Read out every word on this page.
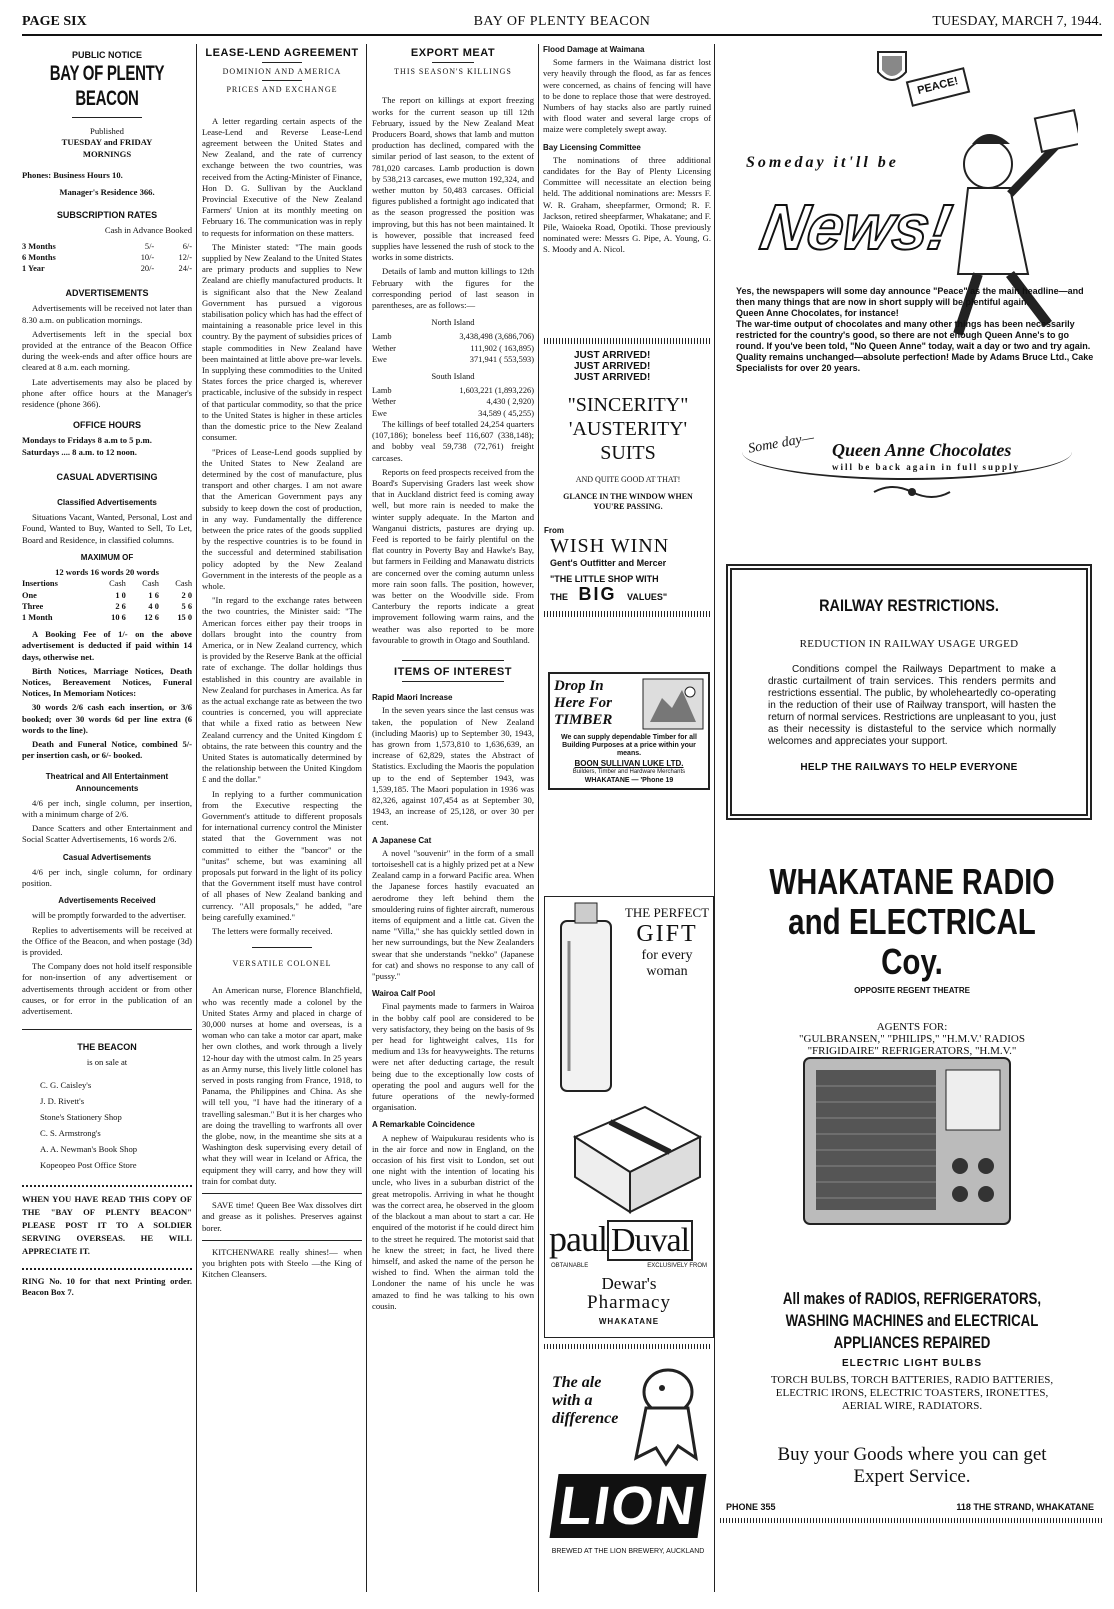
PAGE SIX	BAY OF PLENTY BEACON	TUESDAY, MARCH 7, 1944.
PUBLIC NOTICE
BAY OF PLENTY BEACON
Published
TUESDAY and FRIDAY
MORNINGS
Phones: Business Hours 10.
Manager's Residence 366.
SUBSCRIPTION RATES
Cash in Advance Booked
3 Months	5/-	6/-
6 Months	10/-	12/-
1 Year	20/-	24/-
ADVERTISEMENTS

Advertisements will be received not later than 8.30 a.m. on publication mornings.

Advertisements left in the special box provided at the entrance of the Beacon Office during the week-ends and after office hours are cleared at 8 a.m. each morning.

Late advertisements may also be placed by phone after office hours at the Manager's residence (phone 366).

OFFICE HOURS
Mondays to Fridays 8 a.m to 5 p.m.
Saturdays .... 8 a.m. to 12 noon.
CASUAL ADVERTISING
Classified Advertisements

Situations Vacant, Wanted, Personal, Lost and Found, Wanted to Buy, Wanted to Sell, To Let, Board and Residence, in classified columns.

MAXIMUM OF
12 words 16 words 20 words
Insertions	Cash	Cash	Cash
One	1 0	1 6	2 0
Three	2 6	4 0	5 6
1 Month	10 6	12 6	15 0

A Booking Fee of 1/- on the above advertisement is deducted if paid within 14 days, otherwise net.

Birth Notices, Marriage Notices, Death Notices, Bereavement Notices, Funeral Notices, In Memoriam Notices:

30 words 2/6 cash each insertion, or 3/6 booked; over 30 words 6d per line extra (6 words to the line).

Death and Funeral Notice, combined 5/- per insertion cash, or 6/- booked.

Theatrical and All Entertainment Announcements

4/6 per inch, single column, per insertion, with a minimum charge of 2/6.

Dance Scatters and other Entertainment and Social Scatter Advertisements, 16 words 2/6.

Casual Advertisements

4/6 per inch, single column, for ordinary position.

Advertisements Received

will be promptly forwarded to the advertiser.

Replies to advertisements will be received at the Office of the Beacon, and when postage (3d) is provided.

The Company does not hold itself responsible for non-insertion of any advertisement or advertisements through accident or from other causes, or for error in the publication of an advertisement.

THE BEACON
is on sale at
C. G. Caisley's
J. D. Rivett's
Stone's Stationery Shop
C. S. Armstrong's
A. A. Newman's Book Shop
Kopeopeo Post Office Store
WHEN YOU HAVE READ THIS COPY OF THE "BAY OF PLENTY BEACON" PLEASE POST IT TO A SOLDIER SERVING OVERSEAS. HE WILL APPRECIATE IT.
RING No. 10 for that next Printing order. Beacon Box 7.
LEASE-LEND AGREEMENT
DOMINION AND AMERICA
PRICES AND EXCHANGE

A letter regarding certain aspects of the Lease-Lend and Reverse Lease-Lend agreement between the United States and New Zealand, and the rate of currency exchange between the two countries, was received from the Acting-Minister of Finance, Hon D. G. Sullivan by the Auckland Provincial Executive of the New Zealand Farmers' Union at its monthly meeting on February 16. The communication was in reply to requests for information on these matters.

The Minister stated: "The main goods supplied by New Zealand to the United States are primary products and supplies to New Zealand are chiefly manufactured products. It is significant also that the New Zealand Government has pursued a vigorous stabilisation policy which has had the effect of maintaining a reasonable price level in this country. By the payment of subsidies prices of staple commodities in New Zealand have been maintained at little above pre-war levels. In supplying these commodities to the United States forces the price charged is, wherever practicable, inclusive of the subsidy in respect of that particular commodity, so that the price to the United States is higher in these articles than the domestic price to the New Zealand consumer.

"Prices of Lease-Lend goods supplied by the United States to New Zealand are determined by the cost of manufacture, plus transport and other charges. I am not aware that the American Government pays any subsidy to keep down the cost of production, in any way. Fundamentally the difference between the price rates of the goods supplied by the respective countries is to be found in the successful and determined stabilisation policy adopted by the New Zealand Government in the interests of the people as a whole.

"In regard to the exchange rates between the two countries, the Minister said: "The American forces either pay their troops in dollars brought into the country from America, or in New Zealand currency, which is provided by the Reserve Bank at the official rate of exchange. The dollar holdings thus established in this country are available in New Zealand for purchases in America. As far as the actual exchange rate as between the two countries is concerned, you will appreciate that while a fixed ratio as between New Zealand currency and the United Kingdom £ obtains, the rate between this country and the United States is automatically determined by the relationship between the United Kingdom £ and the dollar."

In replying to a further communication from the Executive respecting the Government's attitude to different proposals for international currency control the Minister stated that the Government was not committed to either the "bancor" or the "unitas" scheme, but was examining all proposals put forward in the light of its policy that the Government itself must have control of all phases of New Zealand banking and currency. "All proposals," he added, "are being carefully examined."

The letters were formally received.

VERSATILE COLONEL

An American nurse, Florence Blanchfield, who was recently made a colonel by the United States Army and placed in charge of 30,000 nurses at home and overseas, is a woman who can take a motor car apart, make her own clothes, and work through a lively 12-hour day with the utmost calm. In 25 years as an Army nurse, this lively little colonel has served in posts ranging from France, 1918, to Panama, the Philippines and China. As she will tell you, "I have had the itinerary of a travelling salesman." But it is her charges who are doing the travelling to warfronts all over the globe, now, in the meantime she sits at a Washington desk supervising every detail of what they will wear in Iceland or Africa, the equipment they will carry, and how they will train for combat duty.

SAVE time! Queen Bee Wax dissolves dirt and grease as it polishes. Preserves against borer.

KITCHENWARE really shines!— when you brighten pots with Steelo —the King of Kitchen Cleansers.

EXPORT MEAT
THIS SEASON'S KILLINGS

The report on killings at export freezing works for the current season up till 12th February, issued by the New Zealand Meat Producers Board, shows that lamb and mutton production has declined, compared with the similar period of last season, to the extent of 781,020 carcases. Lamb production is down by 538,213 carcases, ewe mutton 192,324, and wether mutton by 50,483 carcases. Official figures published a fortnight ago indicated that as the season progressed the position was improving, but this has not been maintained. It is however, possible that increased feed supplies have lessened the rush of stock to the works in some districts.

Details of lamb and mutton killings to 12th February with the figures for the corresponding period of last season in parentheses, are as follows:—

North Island
Lamb	3,438,498 (3,686,706)
Wether	111,902 ( 163,895)
Ewe	371,941 ( 553,593)
South Island
Lamb	1,603,221 (1,893,226)
Wether	4,430 ( 2,920)
Ewe	34,589 ( 45,255)

The killings of beef totalled 24,254 quarters (107,186); boneless beef 116,607 (338,148); and bobby veal 59,738 (72,761) freight carcases.

Reports on feed prospects received from the Board's Supervising Graders last week show that in Auckland district feed is coming away well, but more rain is needed to make the winter supply adequate. In the Marton and Wanganui districts, pastures are drying up. Feed is reported to be fairly plentiful on the flat country in Poverty Bay and Hawke's Bay, but farmers in Feilding and Manawatu districts are concerned over the coming autumn unless more rain soon falls. The position, however, was better on the Woodville side. From Canterbury the reports indicate a great improvement following warm rains, and the weather was also reported to be more favourable to growth in Otago and Southland.

ITEMS OF INTEREST
Rapid Maori Increase

In the seven years since the last census was taken, the population of New Zealand (including Maoris) up to September 30, 1943, has grown from 1,573,810 to 1,636,639, an increase of 62,829, states the Abstract of Statistics. Excluding the Maoris the population up to the end of September 1943, was 1,539,185. The Maori population in 1936 was 82,326, against 107,454 as at September 30, 1943, an increase of 25,128, or over 30 per cent.

A Japanese Cat

A novel "souvenir" in the form of a small tortoiseshell cat is a highly prized pet at a New Zealand camp in a forward Pacific area. When the Japanese forces hastily evacuated an aerodrome they left behind them the smouldering ruins of fighter aircraft, numerous items of equipment and a little cat. Given the name "Villa," she has quickly settled down in her new surroundings, but the New Zealanders swear that she understands "nekko" (Japanese for cat) and shows no response to any call of "pussy."

Wairoa Calf Pool

Final payments made to farmers in Wairoa in the bobby calf pool are considered to be very satisfactory, they being on the basis of 9s per head for lightweight calves, 11s for medium and 13s for heavyweights. The returns were net after deducting cartage, the result being due to the exceptionally low costs of operating the pool and augurs well for the future operations of the newly-formed organisation.

A Remarkable Coincidence

A nephew of Waipukurau residents who is in the air force and now in England, on the occasion of his first visit to London, set out one night with the intention of locating his uncle, who lives in a suburban district of the great metropolis. Arriving in what he thought was the correct area, he observed in the gloom of the blackout a man about to start a car. He enquired of the motorist if he could direct him to the street he required. The motorist said that he knew the street; in fact, he lived there himself, and asked the name of the person he wished to find. When the airman told the Londoner the name of his uncle he was amazed to find he was talking to his own cousin.

Flood Damage at Waimana

Some farmers in the Waimana district lost very heavily through the flood, as far as fences were concerned, as chains of fencing will have to be done to replace those that were destroyed. Numbers of hay stacks also are partly ruined with flood water and several large crops of maize were completely swept away.

Bay Licensing Committee

The nominations of three additional candidates for the Bay of Plenty Licensing Committee will necessitate an election being held. The additional nominations are: Messrs F. W. R. Graham, sheepfarmer, Ormond; R. F. Jackson, retired sheepfarmer, Whakatane; and F. Pile, Waioeka Road, Opotiki. Those previously nominated were: Messrs G. Pipe, A. Young, G. S. Moody and A. Nicol.

JUST ARRIVED!
JUST ARRIVED!
JUST ARRIVED!
"SINCERITY"
'AUSTERITY'
SUITS
AND QUITE GOOD AT THAT!
GLANCE IN THE WINDOW WHEN YOU'RE PASSING.
From
WISH WINN
Gent's Outfitter and Mercer
"THE LITTLE SHOP WITH
THE BIG VALUES"
Drop In
Here For
TIMBER
We can supply dependable Timber for all Building Purposes at a price within your means.
BOON SULLIVAN LUKE LTD.
Builders, Timber and Hardware Merchants
WHAKATANE — 'Phone 19
THE PERFECT
GIFT
for every
woman
paul Duval
OBTAINABLE	EXCLUSIVELY FROM
Dewar's
Pharmacy
WHAKATANE
The ale
with a
difference
LION
BREWED AT THE LION BREWERY, AUCKLAND
PEACE!
Someday it'll be
News!
Yes, the newspapers will some day announce "Peace" as the main headline—and then many things that are now in short supply will be plentiful again.
Queen Anne Chocolates, for instance!
The war-time output of chocolates and many other things has been necessarily restricted for the country's good, so there are not enough Queen Anne's to go round. If you've been told, "No Queen Anne" today, wait a day or two and try again.
Quality remains unchanged—absolute perfection! Made by Adams Bruce Ltd., Cake Specialists for over 20 years.
Some day— Queen Anne Chocolates
will be back again in full supply
RAILWAY RESTRICTIONS.
REDUCTION IN RAILWAY USAGE URGED
Conditions compel the Railways Department to make a drastic curtailment of train services. This renders permits and restrictions essential. The public, by wholeheartedly co-operating in the reduction of their use of Railway transport, will hasten the return of normal services. Restrictions are unpleasant to you, just as their necessity is distasteful to the service which normally welcomes and appreciates your support.
HELP THE RAILWAYS TO HELP EVERYONE
WHAKATANE RADIO
and ELECTRICAL Coy.
OPPOSITE REGENT THEATRE
AGENTS FOR:
"GULBRANSEN," "PHILIPS," "H.M.V.' RADIOS
"FRIGIDAIRE" REFRIGERATORS, "H.M.V."
All makes of RADIOS, REFRIGERATORS, WASHING MACHINES and ELECTRICAL APPLIANCES REPAIRED
ELECTRIC LIGHT BULBS
TORCH BULBS, TORCH BATTERIES, RADIO BATTERIES,
ELECTRIC IRONS, ELECTRIC TOASTERS, IRONETTES,
AERIAL WIRE, RADIATORS.
Buy your Goods where you can get
Expert Service.
PHONE 355	118 THE STRAND, WHAKATANE
